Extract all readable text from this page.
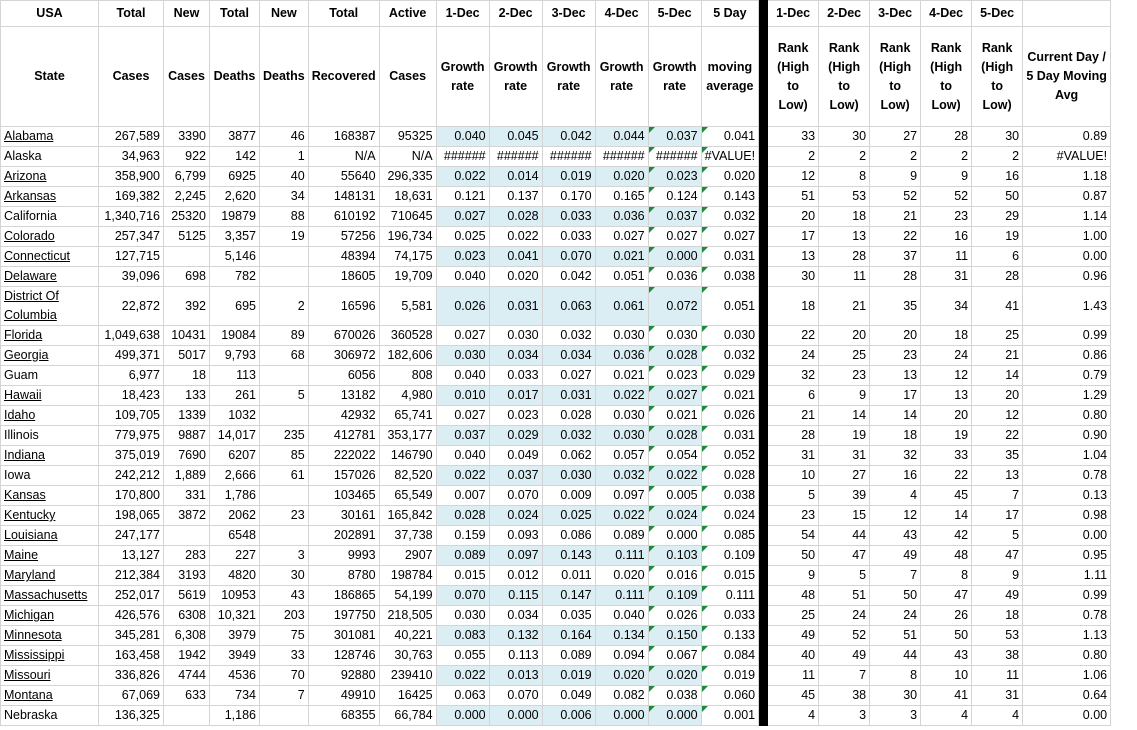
USA	Total	New	Total	New	Total	Active	1-Dec	2-Dec	3-Dec	4-Dec	5-Dec	5 Day		1-Dec	2-Dec	3-Dec	4-Dec	5-Dec	
State	Cases	Cases	Deaths	Deaths	Recovered	Cases	Growth rate	Growth rate	Growth rate	Growth rate	Growth rate	moving average		Rank (High to Low)	Rank (High to Low)	Rank (High to Low)	Rank (High to Low)	Rank (High to Low)	Current Day / 5 Day Moving Avg
Alabama	267,589	3390	3877	46	168387	95325	0.040	0.045	0.042	0.044	0.037	0.041		33	30	27	28	30	0.89
Alaska	34,963	922	142	1	N/A	N/A	######	######	######	######	######	#VALUE!		2	2	2	2	2	#VALUE!
Arizona	358,900	6,799	6925	40	55640	296,335	0.022	0.014	0.019	0.020	0.023	0.020		12	8	9	9	16	1.18
Arkansas	169,382	2,245	2,620	34	148131	18,631	0.121	0.137	0.170	0.165	0.124	0.143		51	53	52	52	50	0.87
California	1,340,716	25320	19879	88	610192	710645	0.027	0.028	0.033	0.036	0.037	0.032		20	18	21	23	29	1.14
Colorado	257,347	5125	3,357	19	57256	196,734	0.025	0.022	0.033	0.027	0.027	0.027		17	13	22	16	19	1.00
Connecticut	127,715		5,146		48394	74,175	0.023	0.041	0.070	0.021	0.000	0.031		13	28	37	11	6	0.00
Delaware	39,096	698	782		18605	19,709	0.040	0.020	0.042	0.051	0.036	0.038		30	11	28	31	28	0.96
District Of Columbia	22,872	392	695	2	16596	5,581	0.026	0.031	0.063	0.061	0.072	0.051		18	21	35	34	41	1.43
Florida	1,049,638	10431	19084	89	670026	360528	0.027	0.030	0.032	0.030	0.030	0.030		22	20	20	18	25	0.99
Georgia	499,371	5017	9,793	68	306972	182,606	0.030	0.034	0.034	0.036	0.028	0.032		24	25	23	24	21	0.86
Guam	6,977	18	113		6056	808	0.040	0.033	0.027	0.021	0.023	0.029		32	23	13	12	14	0.79
Hawaii	18,423	133	261	5	13182	4,980	0.010	0.017	0.031	0.022	0.027	0.021		6	9	17	13	20	1.29
Idaho	109,705	1339	1032		42932	65,741	0.027	0.023	0.028	0.030	0.021	0.026		21	14	14	20	12	0.80
Illinois	779,975	9887	14,017	235	412781	353,177	0.037	0.029	0.032	0.030	0.028	0.031		28	19	18	19	22	0.90
Indiana	375,019	7690	6207	85	222022	146790	0.040	0.049	0.062	0.057	0.054	0.052		31	31	32	33	35	1.04
Iowa	242,212	1,889	2,666	61	157026	82,520	0.022	0.037	0.030	0.032	0.022	0.028		10	27	16	22	13	0.78
Kansas	170,800	331	1,786		103465	65,549	0.007	0.070	0.009	0.097	0.005	0.038		5	39	4	45	7	0.13
Kentucky	198,065	3872	2062	23	30161	165,842	0.028	0.024	0.025	0.022	0.024	0.024		23	15	12	14	17	0.98
Louisiana	247,177		6548		202891	37,738	0.159	0.093	0.086	0.089	0.000	0.085		54	44	43	42	5	0.00
Maine	13,127	283	227	3	9993	2907	0.089	0.097	0.143	0.111	0.103	0.109		50	47	49	48	47	0.95
Maryland	212,384	3193	4820	30	8780	198784	0.015	0.012	0.011	0.020	0.016	0.015		9	5	7	8	9	1.11
Massachusetts	252,017	5619	10953	43	186865	54,199	0.070	0.115	0.147	0.111	0.109	0.111		48	51	50	47	49	0.99
Michigan	426,576	6308	10,321	203	197750	218,505	0.030	0.034	0.035	0.040	0.026	0.033		25	24	24	26	18	0.78
Minnesota	345,281	6,308	3979	75	301081	40,221	0.083	0.132	0.164	0.134	0.150	0.133		49	52	51	50	53	1.13
Mississippi	163,458	1942	3949	33	128746	30,763	0.055	0.113	0.089	0.094	0.067	0.084		40	49	44	43	38	0.80
Missouri	336,826	4744	4536	70	92880	239410	0.022	0.013	0.019	0.020	0.020	0.019		11	7	8	10	11	1.06
Montana	67,069	633	734	7	49910	16425	0.063	0.070	0.049	0.082	0.038	0.060		45	38	30	41	31	0.64
Nebraska	136,325		1,186		68355	66,784	0.000	0.000	0.006	0.000	0.000	0.001		4	3	3	4	4	0.00
